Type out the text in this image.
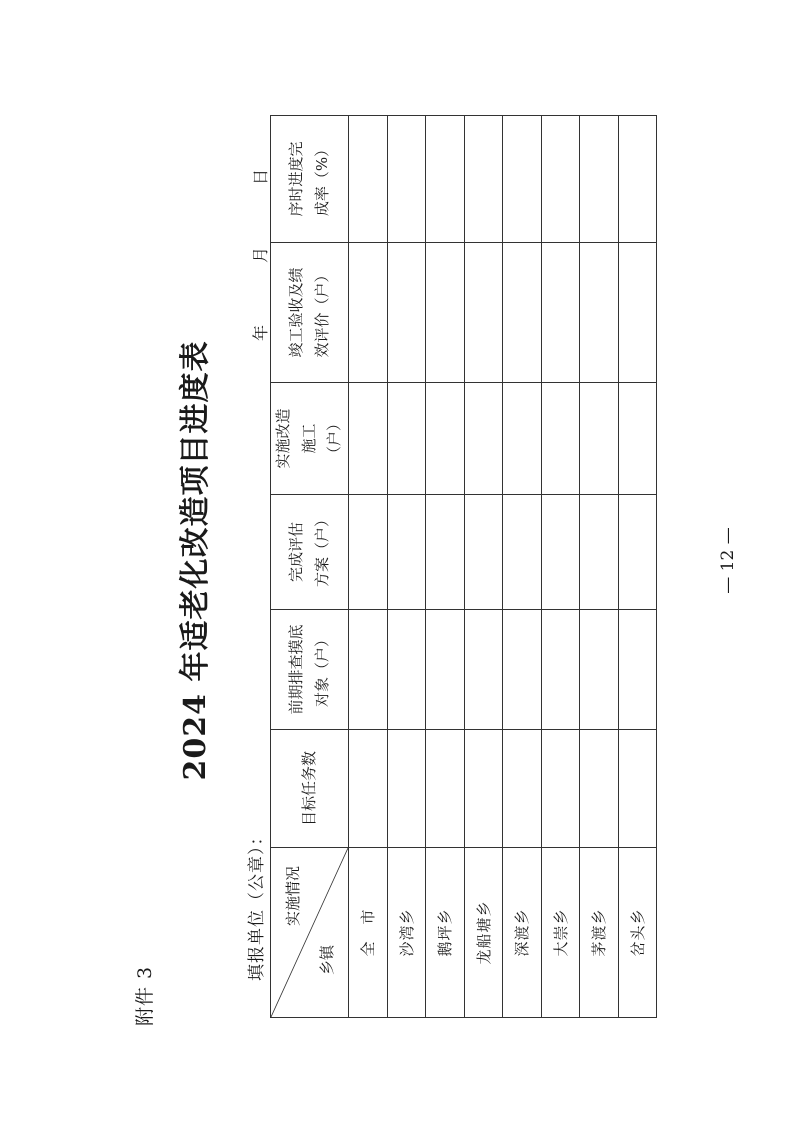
附件 3
2024 年适老化改造项目进度表
填报单位（公章）：
年
月
日
实施情况
乡镇	目标任务数	前期排查摸底对象（户）	完成评估方案（户）	实施改造施工（户）	竣工验收及绩效评价（户）	序时进度完成率（%）
全　市						
沙湾乡						
鹅坪乡						
龙船塘乡						
深渡乡						
大崇乡						
茅渡乡						
岔头乡						
— 12 —
